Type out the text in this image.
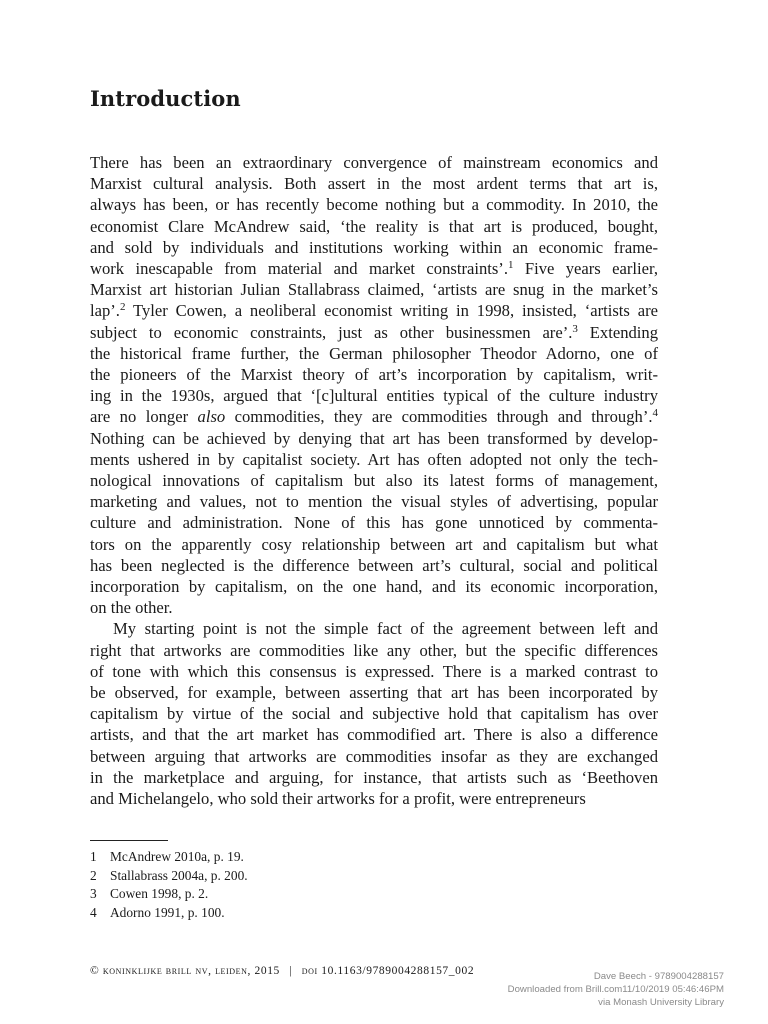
Introduction

There has been an extraordinary convergence of mainstream economics and

Marxist cultural analysis. Both assert in the most ardent terms that art is,

always has been, or has recently become nothing but a commodity. In 2010, the

economist Clare McAndrew said, ‘the reality is that art is produced, bought,

and sold by individuals and institutions working within an economic frame-

work inescapable from material and market constraints’.$^1$ Five years earlier,

Marxist art historian Julian Stallabrass claimed, ‘artists are snug in the market’s

lap’.$^2$ Tyler Cowen, a neoliberal economist writing in 1998, insisted, ‘artists are

subject to economic constraints, just as other businessmen are’.$^3$ Extending

the historical frame further, the German philosopher Theodor Adorno, one of

the pioneers of the Marxist theory of art’s incorporation by capitalism, writ-

ing in the 1930s, argued that ‘[c]ultural entities typical of the culture industry

are no longer also commodities, they are commodities through and through’.$^4$

Nothing can be achieved by denying that art has been transformed by develop-

ments ushered in by capitalist society. Art has often adopted not only the tech-

nological innovations of capitalism but also its latest forms of management,

marketing and values, not to mention the visual styles of advertising, popular

culture and administration. None of this has gone unnoticed by commenta-

tors on the apparently cosy relationship between art and capitalism but what

has been neglected is the difference between art’s cultural, social and political

incorporation by capitalism, on the one hand, and its economic incorporation,

on the other.

My starting point is not the simple fact of the agreement between left and

right that artworks are commodities like any other, but the specific differences

of tone with which this consensus is expressed. There is a marked contrast to

be observed, for example, between asserting that art has been incorporated by

capitalism by virtue of the social and subjective hold that capitalism has over

artists, and that the art market has commodified art. There is also a difference

between arguing that artworks are commodities insofar as they are exchanged

in the marketplace and arguing, for instance, that artists such as ‘Beethoven

and Michelangelo, who sold their artworks for a profit, were entrepreneurs

1 McAndrew 2010a, p. 19.
2 Stallabrass 2004a, p. 200.
3 Cowen 1998, p. 2.
4 Adorno 1991, p. 100.
© koninklijke brill nv, leiden, 2015 | doi 10.1163/9789004288157_002	Dave Beech - 9789004288157
Downloaded from Brill.com11/10/2019 05:46:46PM
via Monash University Library
